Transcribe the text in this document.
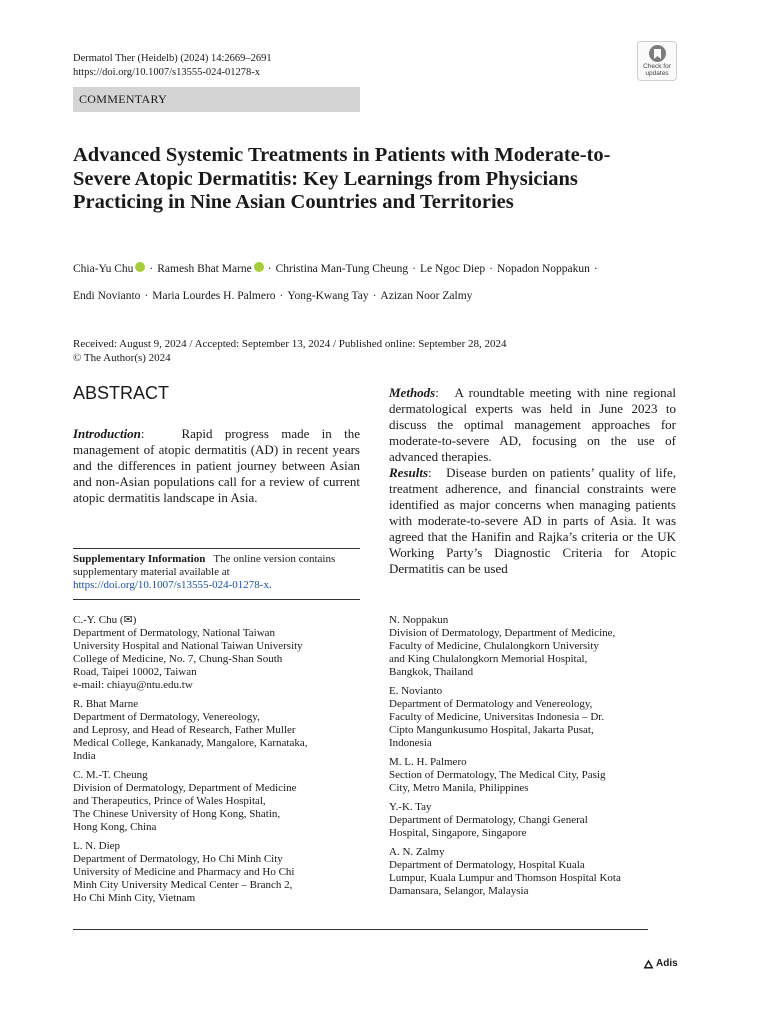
Dermatol Ther (Heidelb) (2024) 14:2669–2691
https://doi.org/10.1007/s13555-024-01278-x
Check for updates
COMMENTARY
Advanced Systemic Treatments in Patients with Moderate-to-Severe Atopic Dermatitis: Key Learnings from Physicians Practicing in Nine Asian Countries and Territories
Chia-Yu Chu · Ramesh Bhat Marne · Christina Man-Tung Cheung · Le Ngoc Diep · Nopadon Noppakun ·
Endi Novianto · Maria Lourdes H. Palmero · Yong-Kwang Tay · Azizan Noor Zalmy
Received: August 9, 2024 / Accepted: September 13, 2024 / Published online: September 28, 2024
© The Author(s) 2024
ABSTRACT

Introduction:   Rapid progress made in the management of atopic dermatitis (AD) in recent years and the differences in patient journey between Asian and non-Asian populations call for a review of current atopic dermatitis landscape in Asia.

Methods:   A roundtable meeting with nine regional dermatological experts was held in June 2023 to discuss the optimal management approaches for moderate-to-severe AD, focusing on the use of advanced therapies.

Results:   Disease burden on patients’ quality of life, treatment adherence, and financial constraints were identified as major concerns when managing patients with moderate-to-severe AD in parts of Asia. It was agreed that the Hanifin and Rajka’s criteria or the UK Working Party’s Diagnostic Criteria for Atopic Dermatitis can be used

Supplementary Information The online version contains supplementary material available at https://doi.org/10.1007/s13555-024-01278-x.
C.-Y. Chu (✉)
Department of Dermatology, National Taiwan
University Hospital and National Taiwan University
College of Medicine, No. 7, Chung-Shan South
Road, Taipei 10002, Taiwan
e-mail: chiayu@ntu.edu.tw
R. Bhat Marne
Department of Dermatology, Venereology,
and Leprosy, and Head of Research, Father Muller
Medical College, Kankanady, Mangalore, Karnataka,
India
C. M.-T. Cheung
Division of Dermatology, Department of Medicine
and Therapeutics, Prince of Wales Hospital,
The Chinese University of Hong Kong, Shatin,
Hong Kong, China
L. N. Diep
Department of Dermatology, Ho Chi Minh City
University of Medicine and Pharmacy and Ho Chi
Minh City University Medical Center – Branch 2,
Ho Chi Minh City, Vietnam
N. Noppakun
Division of Dermatology, Department of Medicine,
Faculty of Medicine, Chulalongkorn University
and King Chulalongkorn Memorial Hospital,
Bangkok, Thailand
E. Novianto
Department of Dermatology and Venereology,
Faculty of Medicine, Universitas Indonesia – Dr.
Cipto Mangunkusumo Hospital, Jakarta Pusat,
Indonesia
M. L. H. Palmero
Section of Dermatology, The Medical City, Pasig
City, Metro Manila, Philippines
Y.-K. Tay
Department of Dermatology, Changi General
Hospital, Singapore, Singapore
A. N. Zalmy
Department of Dermatology, Hospital Kuala
Lumpur, Kuala Lumpur and Thomson Hospital Kota
Damansara, Selangor, Malaysia
Adis
